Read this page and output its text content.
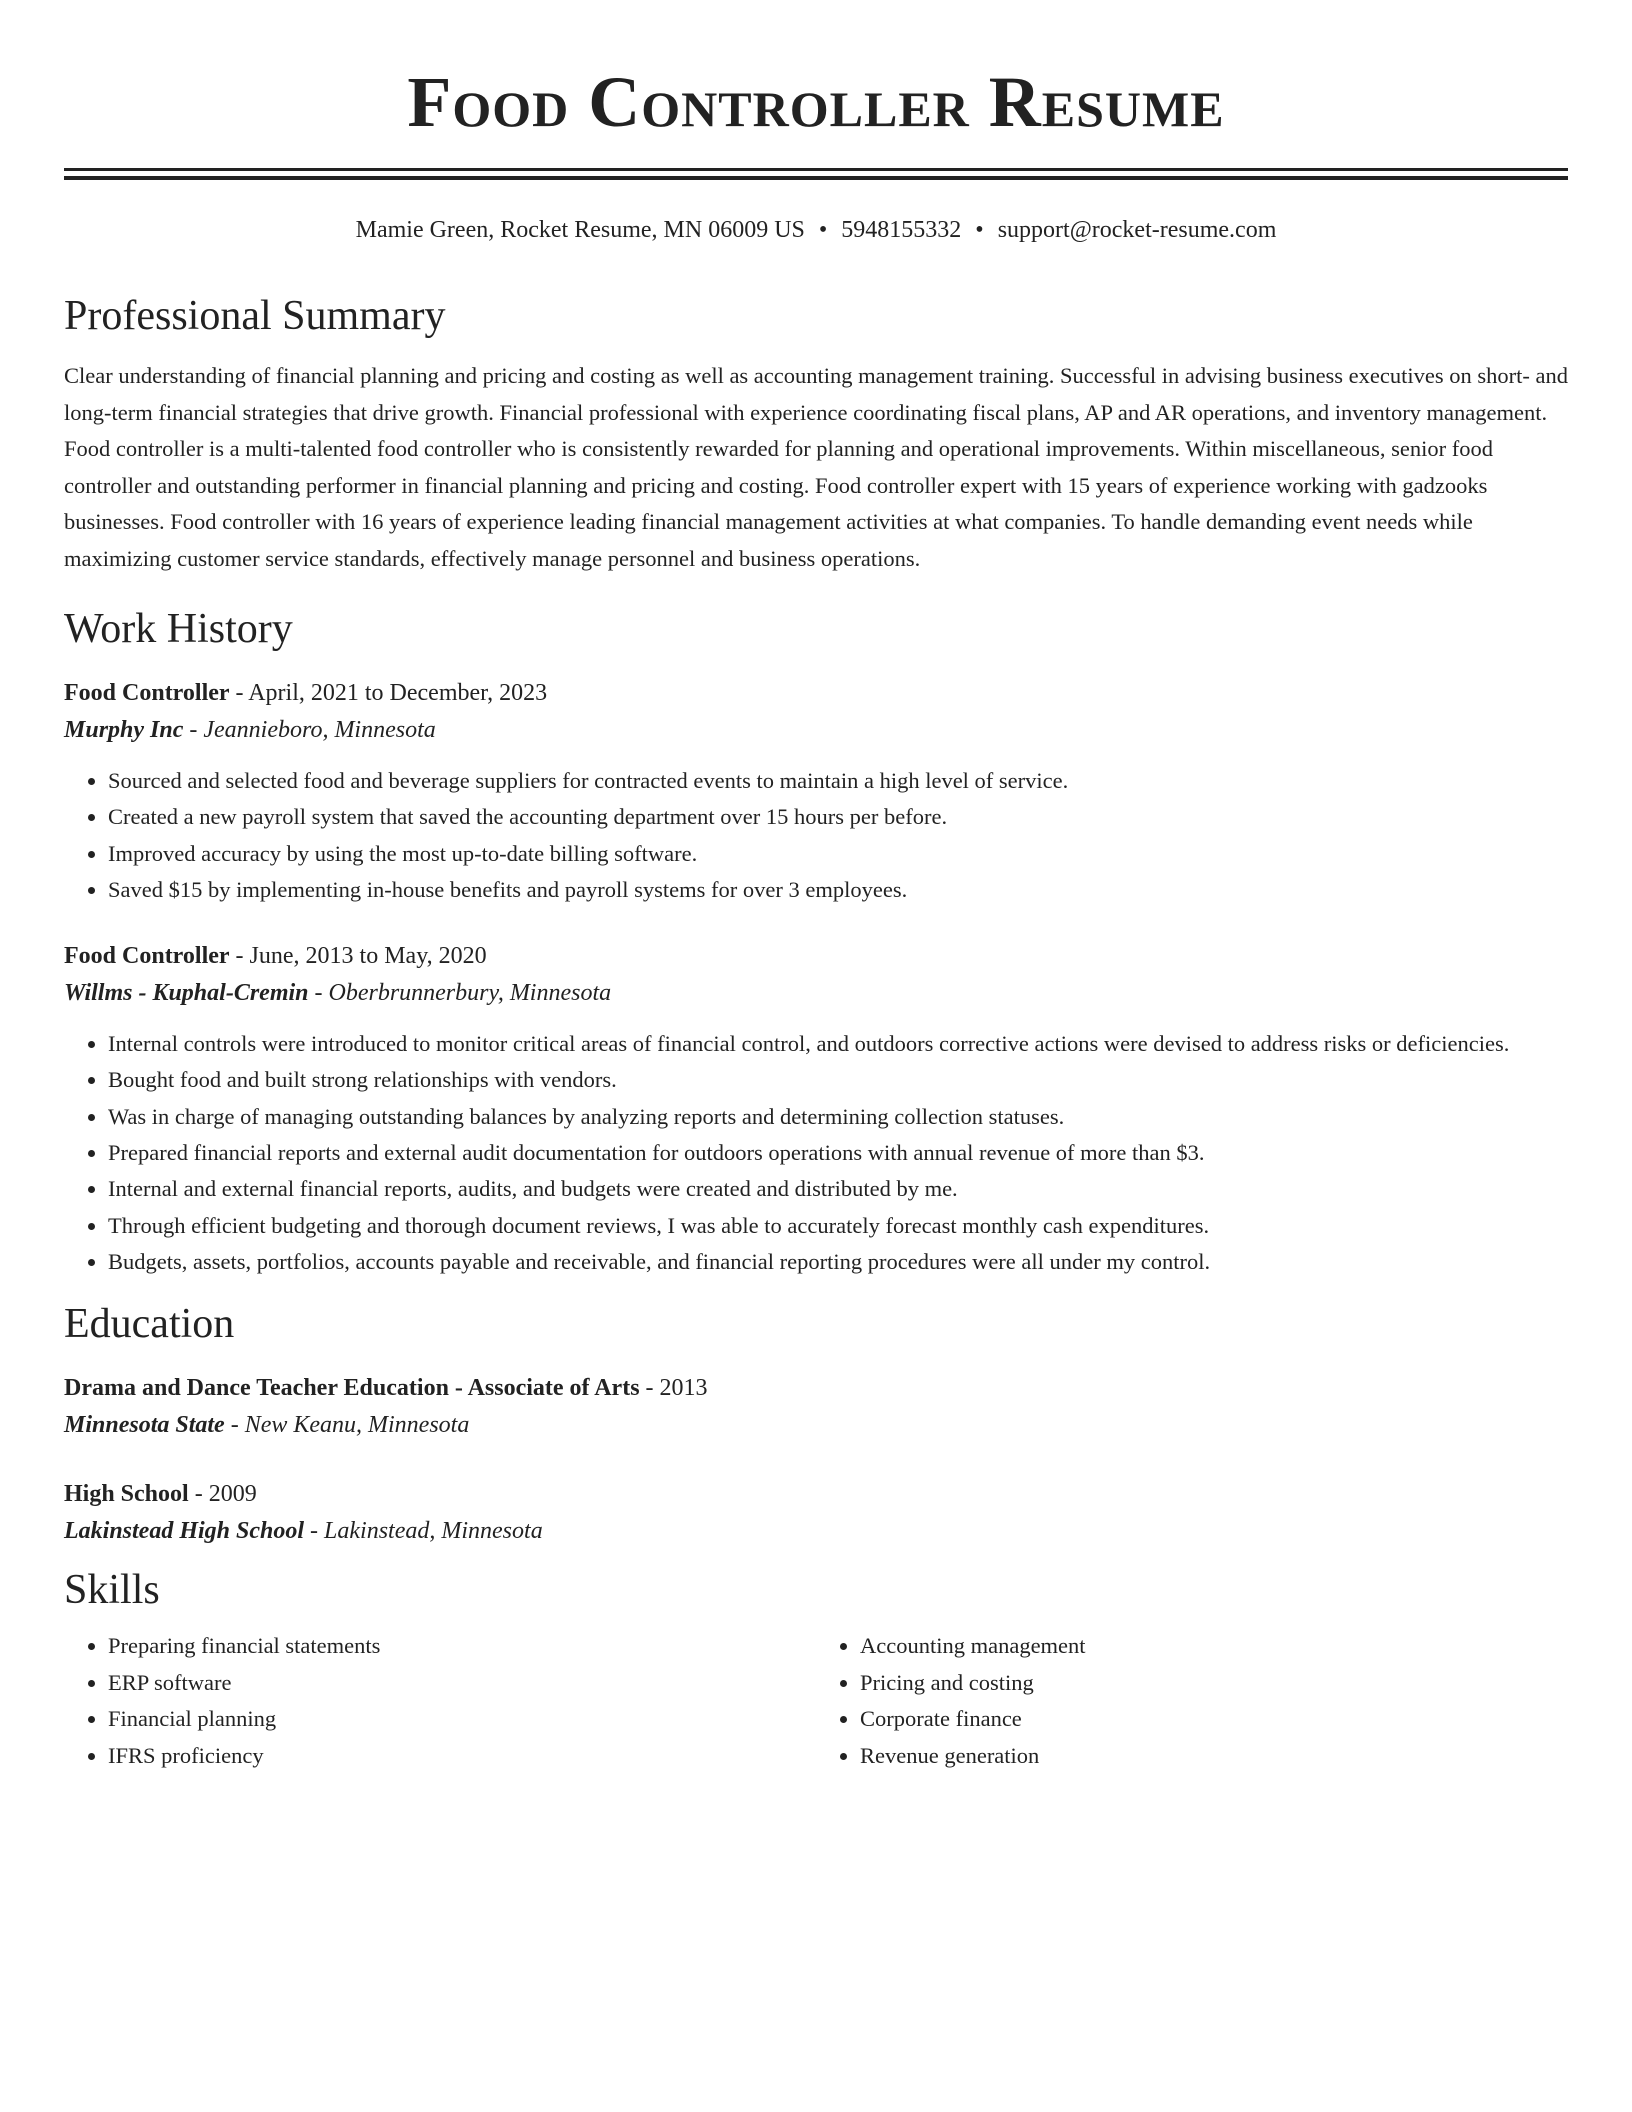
Food Controller Resume
Mamie Green, Rocket Resume, MN 06009 US • 5948155332 • support@rocket-resume.com
Professional Summary

Clear understanding of financial planning and pricing and costing as well as accounting management training. Successful in advising business executives on short- and long-term financial strategies that drive growth. Financial professional with experience coordinating fiscal plans, AP and AR operations, and inventory management. Food controller is a multi-talented food controller who is consistently rewarded for planning and operational improvements. Within miscellaneous, senior food controller and outstanding performer in financial planning and pricing and costing. Food controller expert with 15 years of experience working with gadzooks businesses. Food controller with 16 years of experience leading financial management activities at what companies. To handle demanding event needs while maximizing customer service standards, effectively manage personnel and business operations.

Work History
Food Controller - April, 2021 to December, 2023
Murphy Inc - Jeannieboro, Minnesota
• Sourced and selected food and beverage suppliers for contracted events to maintain a high level of service.
• Created a new payroll system that saved the accounting department over 15 hours per before.
• Improved accuracy by using the most up-to-date billing software.
• Saved $15 by implementing in-house benefits and payroll systems for over 3 employees.
Food Controller - June, 2013 to May, 2020
Willms - Kuphal-Cremin - Oberbrunnerbury, Minnesota
• Internal controls were introduced to monitor critical areas of financial control, and outdoors corrective actions were devised to address risks or deficiencies.
• Bought food and built strong relationships with vendors.
• Was in charge of managing outstanding balances by analyzing reports and determining collection statuses.
• Prepared financial reports and external audit documentation for outdoors operations with annual revenue of more than $3.
• Internal and external financial reports, audits, and budgets were created and distributed by me.
• Through efficient budgeting and thorough document reviews, I was able to accurately forecast monthly cash expenditures.
• Budgets, assets, portfolios, accounts payable and receivable, and financial reporting procedures were all under my control.
Education
Drama and Dance Teacher Education - Associate of Arts - 2013
Minnesota State - New Keanu, Minnesota
High School - 2009
Lakinstead High School - Lakinstead, Minnesota
Skills
• Preparing financial statements
• ERP software
• Financial planning
• IFRS proficiency
• Accounting management
• Pricing and costing
• Corporate finance
• Revenue generation
